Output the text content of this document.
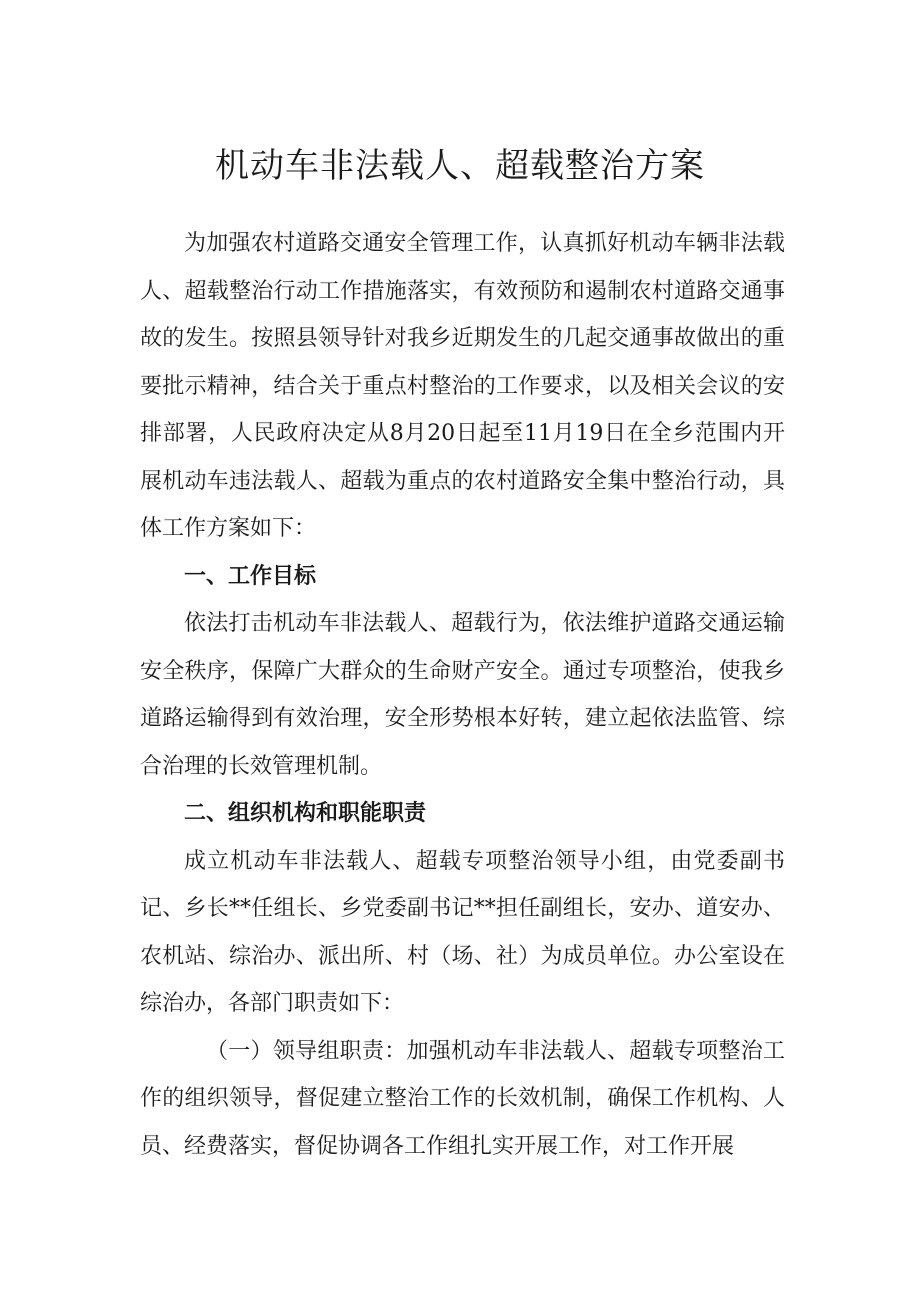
机动车非法载人、超载整治方案

为加强农村道路交通安全管理工作，认真抓好机动车辆非法载人、超载整治行动工作措施落实，有效预防和遏制农村道路交通事故的发生。按照县领导针对我乡近期发生的几起交通事故做出的重要批示精神，结合关于重点村整治的工作要求，以及相关会议的安排部署，人民政府决定从8月20日起至11月19日在全乡范围内开展机动车违法载人、超载为重点的农村道路安全集中整治行动，具体工作方案如下：

一、工作目标

依法打击机动车非法载人、超载行为，依法维护道路交通运输安全秩序，保障广大群众的生命财产安全。通过专项整治，使我乡道路运输得到有效治理，安全形势根本好转，建立起依法监管、综合治理的长效管理机制。

二、组织机构和职能职责

成立机动车非法载人、超载专项整治领导小组，由党委副书记、乡长**任组长、乡党委副书记**担任副组长，安办、道安办、农机站、综治办、派出所、村（场、社）为成员单位。办公室设在综治办，各部门职责如下：

（一）领导组职责：加强机动车非法载人、超载专项整治工作的组织领导，督促建立整治工作的长效机制，确保工作机构、人员、经费落实，督促协调各工作组扎实开展工作，对工作开展
